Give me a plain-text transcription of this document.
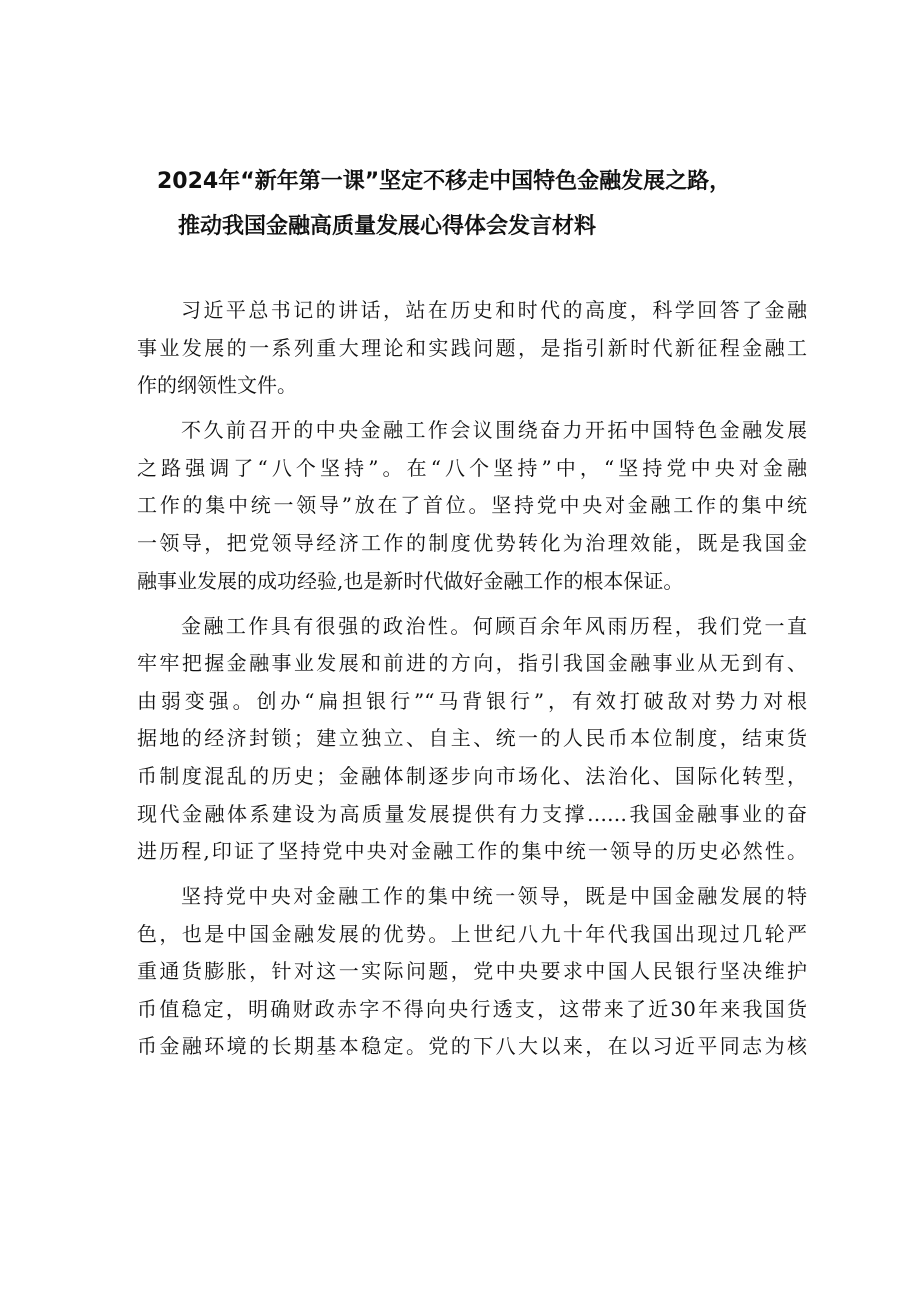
2024年“新年第一课”坚定不移走中国特色金融发展之路，
推动我国金融高质量发展心得体会发言材料
习近平总书记的讲话，站在历史和时代的高度，科学回答了金融
事业发展的一系列重大理论和实践问题，是指引新时代新征程金融工
作的纲领性文件。
不久前召开的中央金融工作会议围绕奋力开拓中国特色金融发展
之路强调了“八个坚持”。在“八个坚持”中，“坚持党中央对金融
工作的集中统一领导”放在了首位。坚持党中央对金融工作的集中统
一领导，把党领导经济工作的制度优势转化为治理效能，既是我国金
融事业发展的成功经验,也是新时代做好金融工作的根本保证。
金融工作具有很强的政治性。何顾百余年风雨历程，我们党一直
牢牢把握金融事业发展和前进的方向，指引我国金融事业从无到有、
由弱变强。创办“扁担银行”“马背银行”，有效打破敌对势力对根
据地的经济封锁；建立独立、自主、统一的人民币本位制度，结束货
币制度混乱的历史；金融体制逐步向市场化、法治化、国际化转型，
现代金融体系建设为高质量发展提供有力支撑……我国金融事业的奋
进历程,印证了坚持党中央对金融工作的集中统一领导的历史必然性。
坚持党中央对金融工作的集中统一领导，既是中国金融发展的特
色，也是中国金融发展的优势。上世纪八九十年代我国出现过几轮严
重通货膨胀，针对这一实际问题，党中央要求中国人民银行坚决维护
币值稳定，明确财政赤字不得向央行透支，这带来了近30年来我国货
币金融环境的长期基本稳定。党的下八大以来，在以习近平同志为核
